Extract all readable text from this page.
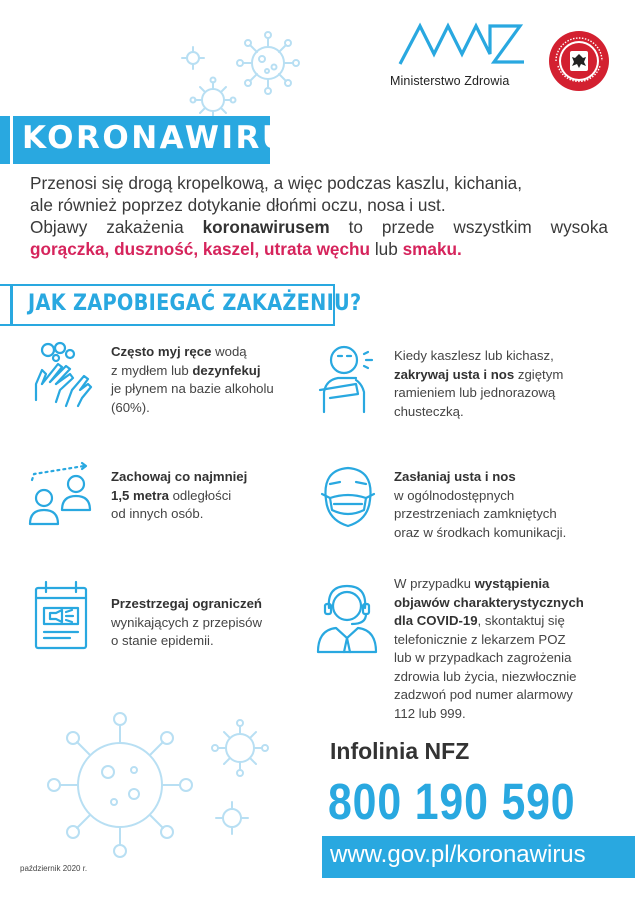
Ministerstwo Zdrowia
KORONAWIRUS

Przenosi się drogą kropelkową, a więc podczas kaszlu, kichania,

ale również poprzez dotykanie dłońmi oczu, nosa i ust.

Objawy zakażenia koronawirusem to przede wszystkim wysoka

gorączka, duszność, kaszel, utrata węchu lub smaku.

JAK ZAPOBIEGAĆ ZAKAŻENIU?
Często myj ręce wodą
z mydłem lub dezynfekuj
je płynem na bazie alkoholu
(60%).
Kiedy kaszlesz lub kichasz,
zakrywaj usta i nos zgiętym
ramieniem lub jednorazową
chusteczką.
Zachowaj co najmniej
1,5 metra odległości
od innych osób.
Zasłaniaj usta i nos
w ogólnodostępnych
przestrzeniach zamkniętych
oraz w środkach komunikacji.
Przestrzegaj ograniczeń
wynikających z przepisów
o stanie epidemii.
W przypadku wystąpienia
objawów charakterystycznych
dla COVID-19, skontaktuj się
telefonicznie z lekarzem POZ
lub w przypadkach zagrożenia
zdrowia lub życia, niezwłocznie
zadzwoń pod numer alarmowy
112 lub 999.
Infolinia NFZ
800 190 590
www.gov.pl/koronawirus
październik 2020 r.
